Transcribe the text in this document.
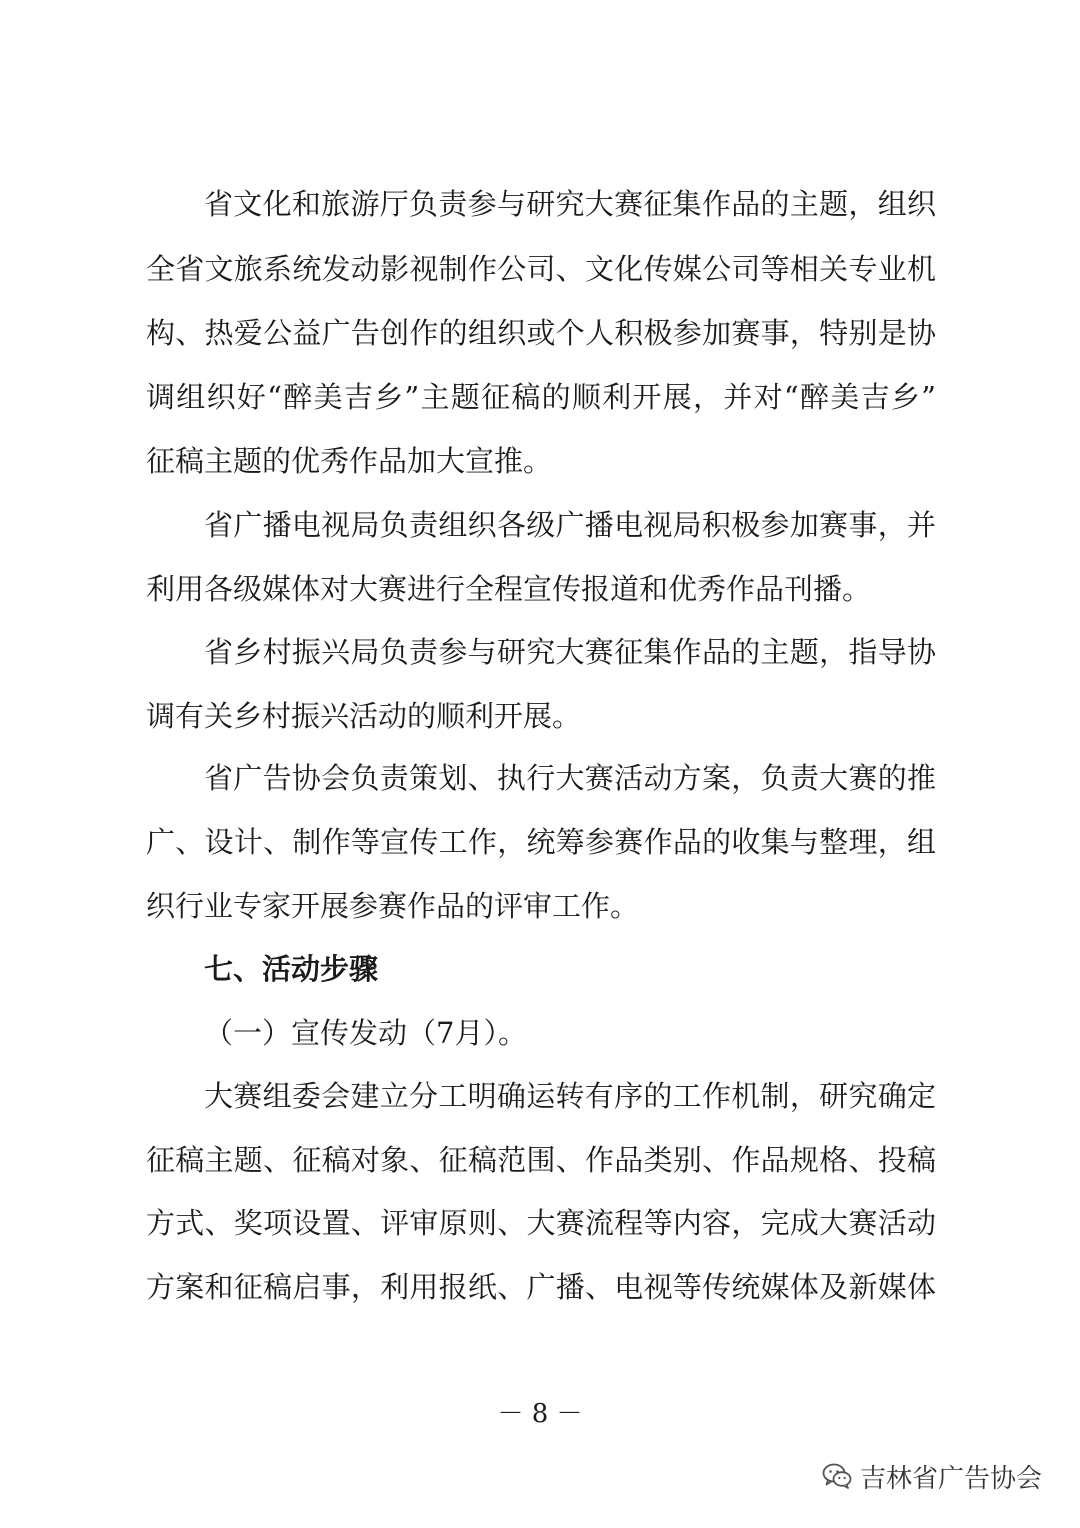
省文化和旅游厅负责参与研究大赛征集作品的主题，组织
全省文旅系统发动影视制作公司、文化传媒公司等相关专业机
构、热爱公益广告创作的组织或个人积极参加赛事，特别是协
调组织好“醉美吉乡”主题征稿的顺利开展，并对“醉美吉乡”
征稿主题的优秀作品加大宣推。
省广播电视局负责组织各级广播电视局积极参加赛事，并
利用各级媒体对大赛进行全程宣传报道和优秀作品刊播。
省乡村振兴局负责参与研究大赛征集作品的主题，指导协
调有关乡村振兴活动的顺利开展。
省广告协会负责策划、执行大赛活动方案，负责大赛的推
广、设计、制作等宣传工作，统筹参赛作品的收集与整理，组
织行业专家开展参赛作品的评审工作。
七、活动步骤
（一）宣传发动（7月）。
大赛组委会建立分工明确运转有序的工作机制，研究确定
征稿主题、征稿对象、征稿范围、作品类别、作品规格、投稿
方式、奖项设置、评审原则、大赛流程等内容，完成大赛活动
方案和征稿启事，利用报纸、广播、电视等传统媒体及新媒体
－ 8 －
吉林省广告协会
